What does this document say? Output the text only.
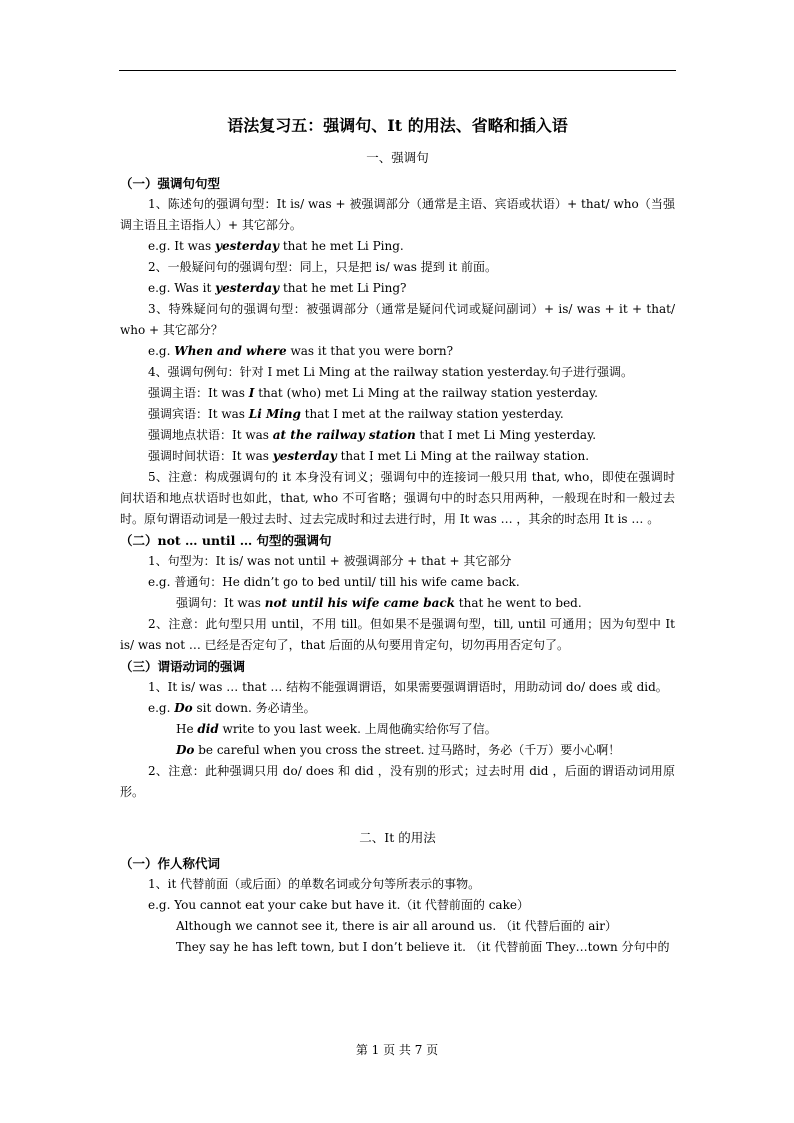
语法复习五：强调句、It 的用法、省略和插入语
一、强调句
（一）强调句句型
1、陈述句的强调句型：It is/ was + 被强调部分（通常是主语、宾语或状语）+ that/ who（当强调主语且主语指人）+ 其它部分。
e.g. It was yesterday that he met Li Ping.
2、一般疑问句的强调句型：同上，只是把 is/ was 提到 it 前面。
e.g. Was it yesterday that he met Li Ping?
3、特殊疑问句的强调句型：被强调部分（通常是疑问代词或疑问副词）+ is/ was + it + that/ who + 其它部分？
e.g. When and where was it that you were born?
4、强调句例句：针对 I met Li Ming at the railway station yesterday.句子进行强调。
强调主语：It was I that (who) met Li Ming at the railway station yesterday.
强调宾语：It was Li Ming that I met at the railway station yesterday.
强调地点状语：It was at the railway station that I met Li Ming yesterday.
强调时间状语：It was yesterday that I met Li Ming at the railway station.
5、注意：构成强调句的 it 本身没有词义；强调句中的连接词一般只用 that, who，即使在强调时间状语和地点状语时也如此，that, who 不可省略；强调句中的时态只用两种，一般现在时和一般过去时。原句谓语动词是一般过去时、过去完成时和过去进行时，用 It was … ，其余的时态用 It is … 。
（二）not … until … 句型的强调句
1、句型为：It is/ was not until + 被强调部分 + that + 其它部分
e.g. 普通句：He didn’t go to bed until/ till his wife came back.
强调句：It was not until his wife came back that he went to bed.
2、注意：此句型只用 until，不用 till。但如果不是强调句型，till, until 可通用；因为句型中 It is/ was not … 已经是否定句了，that 后面的从句要用肯定句，切勿再用否定句了。
（三）谓语动词的强调
1、It is/ was … that … 结构不能强调谓语，如果需要强调谓语时，用助动词 do/ does 或 did。
e.g. Do sit down. 务必请坐。
He did write to you last week. 上周他确实给你写了信。
Do be careful when you cross the street. 过马路时，务必（千万）要小心啊！
2、注意：此种强调只用 do/ does 和 did ，没有别的形式；过去时用 did ，后面的谓语动词用原形。
二、It 的用法
（一）作人称代词
1、it 代替前面（或后面）的单数名词或分句等所表示的事物。
e.g. You cannot eat your cake but have it.（it 代替前面的 cake）
Although we cannot see it, there is air all around us. （it 代替后面的 air）
They say he has left town, but I don’t believe it. （it 代替前面 They…town 分句中的
第 1 页 共 7 页
